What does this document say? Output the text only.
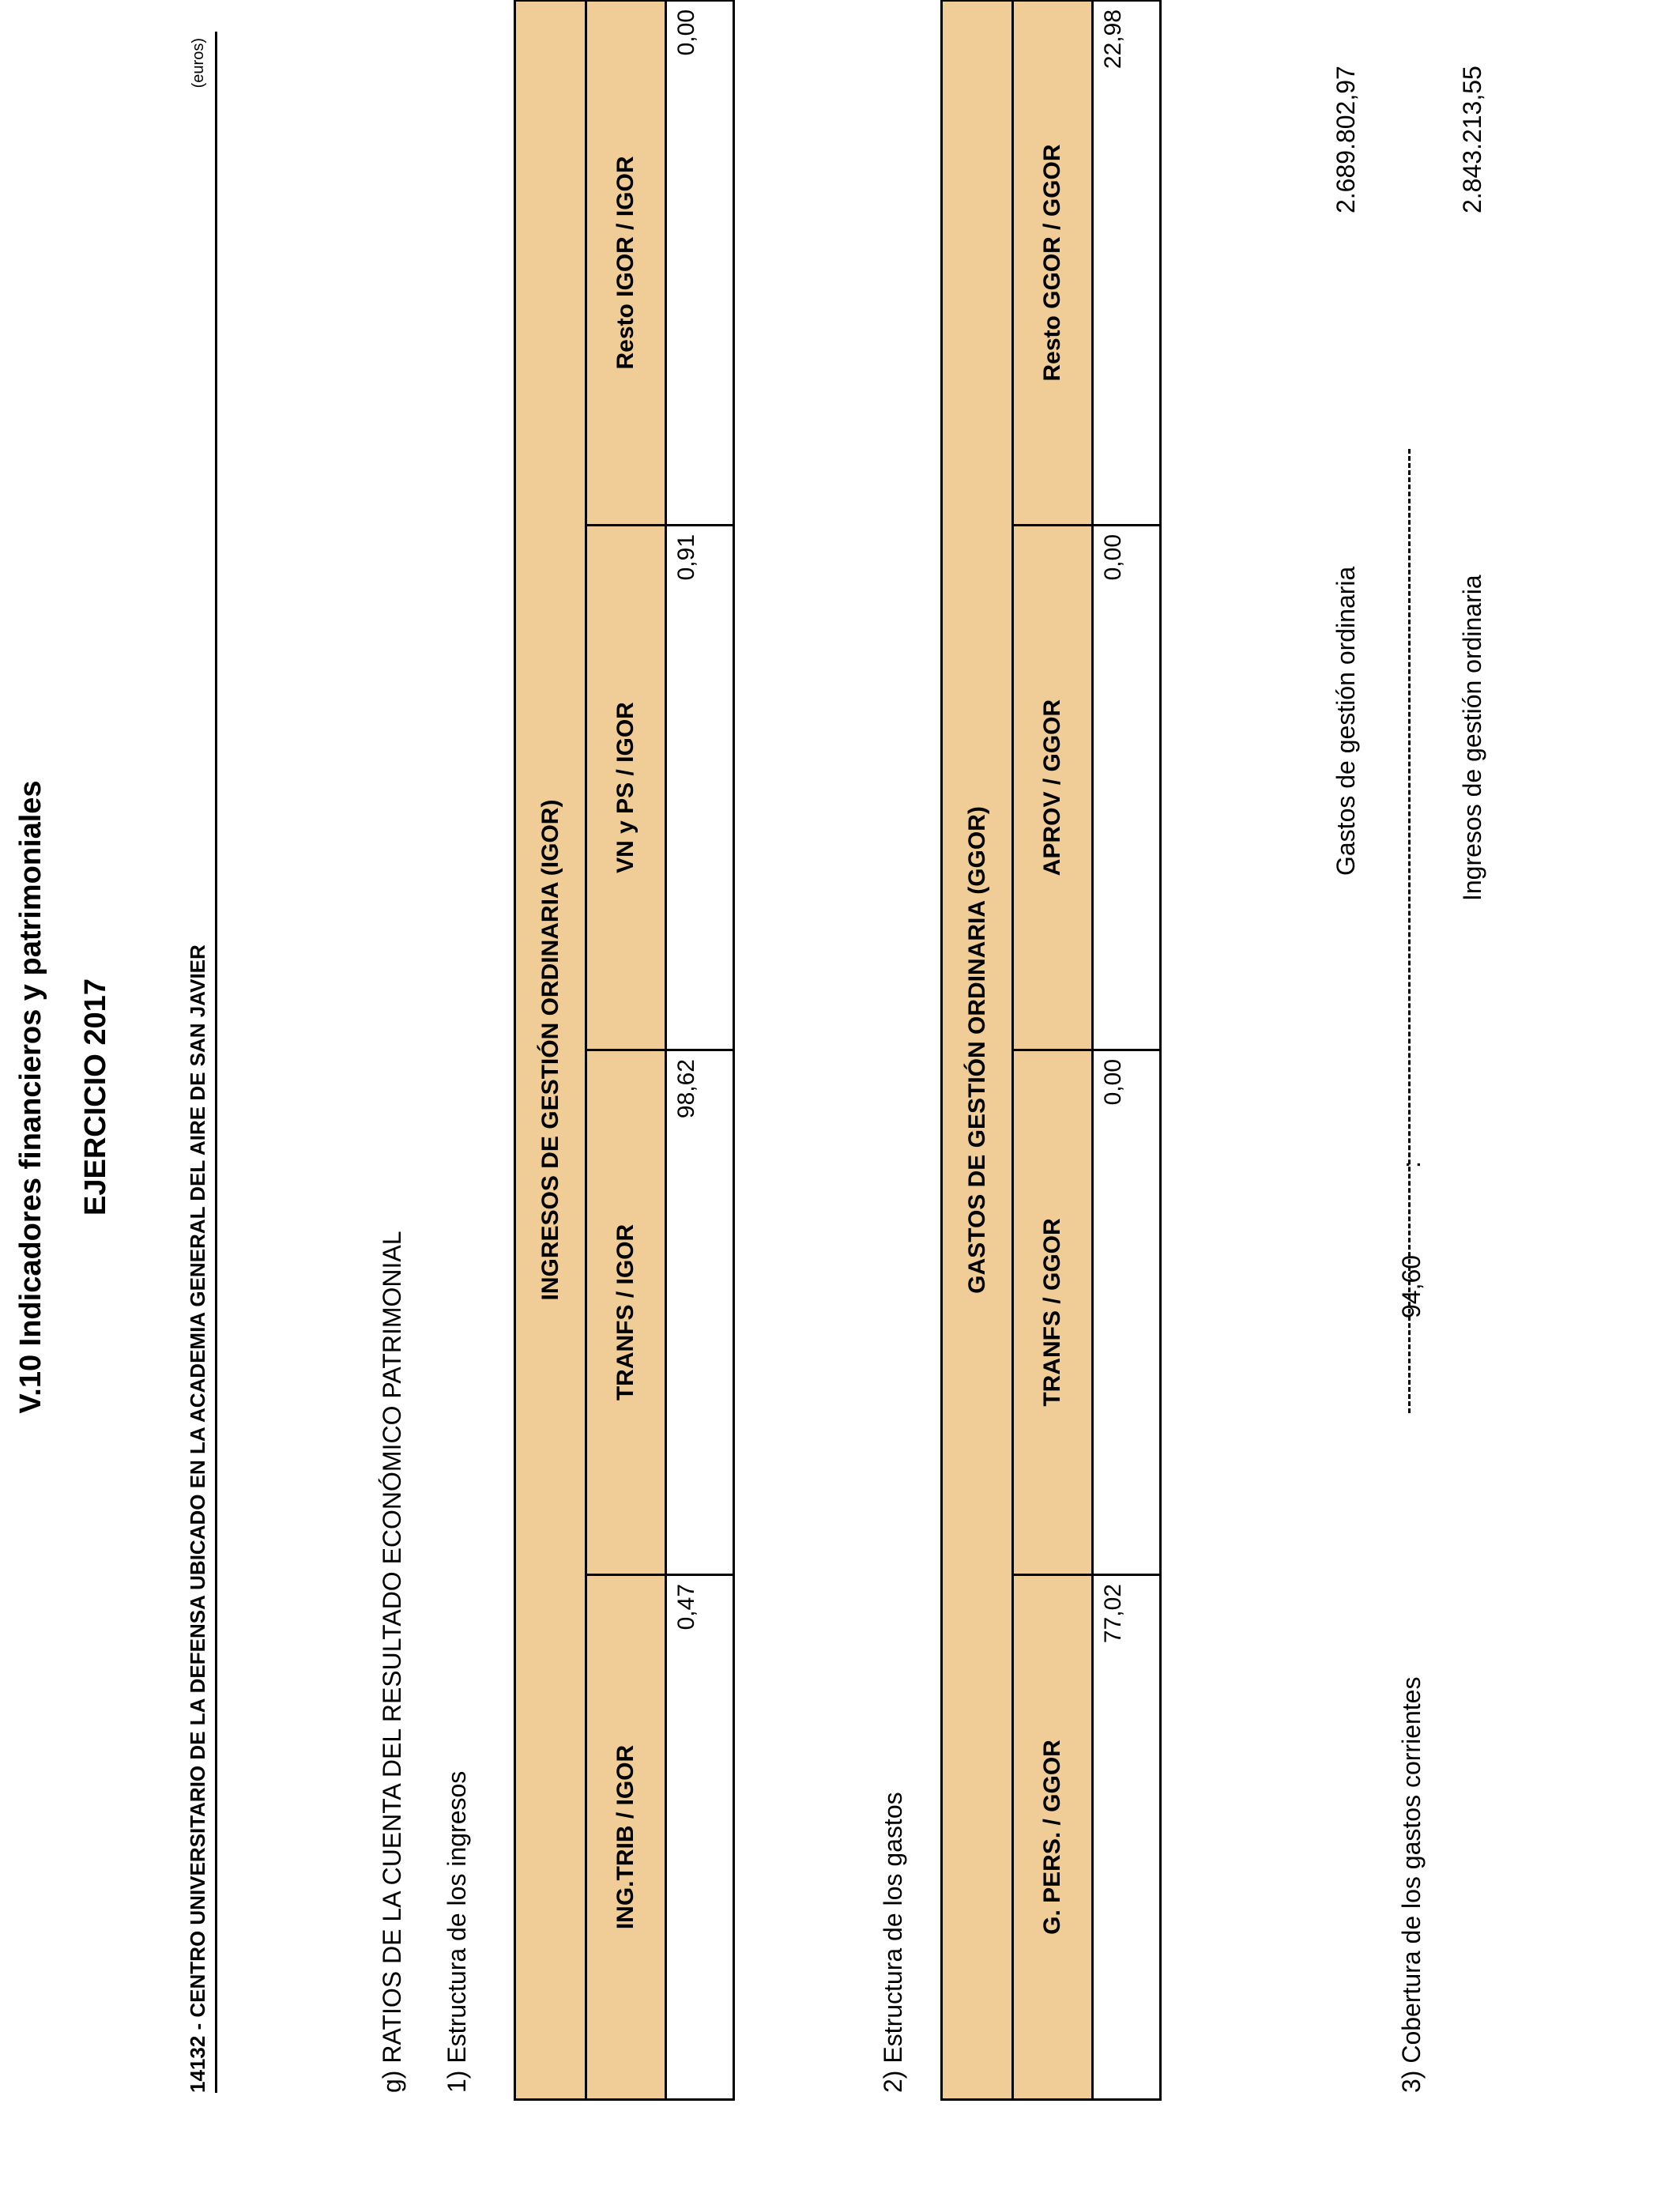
V.10 Indicadores financieros y patrimoniales EJERCICIO 2017	14132 - CENTRO UNIVERSITARIO DE LA DEFENSA UBICADO EN LA ACADEMIA GENERAL DEL AIRE DE SAN JAVIER
(euros)
g) RATIOS DE LA CUENTA DEL RESULTADO ECONÓMICO PATRIMONIAL 1) Estructura de los ingresos
INGRESOS DE GESTIÓN ORDINARIA (IGOR)			
ING.TRIB / IGOR	TRANFS / IGOR	VN y PS / IGOR	Resto IGOR / IGOR
0,47	98,62	0,91	0,00
2) Estructura de los gastos
GASTOS DE GESTIÓN ORDINARIA (GGOR)			
G. PERS. / GGOR	TRANFS / GGOR	APROV / GGOR	Resto GGOR / GGOR
77,02	0,00	0,00	22,98
3) Cobertura de los gastos corrientes
94,60
:
Gastos de gestión ordinaria
2.689.802,97
Ingresos de gestión ordinaria
2.843.213,55
